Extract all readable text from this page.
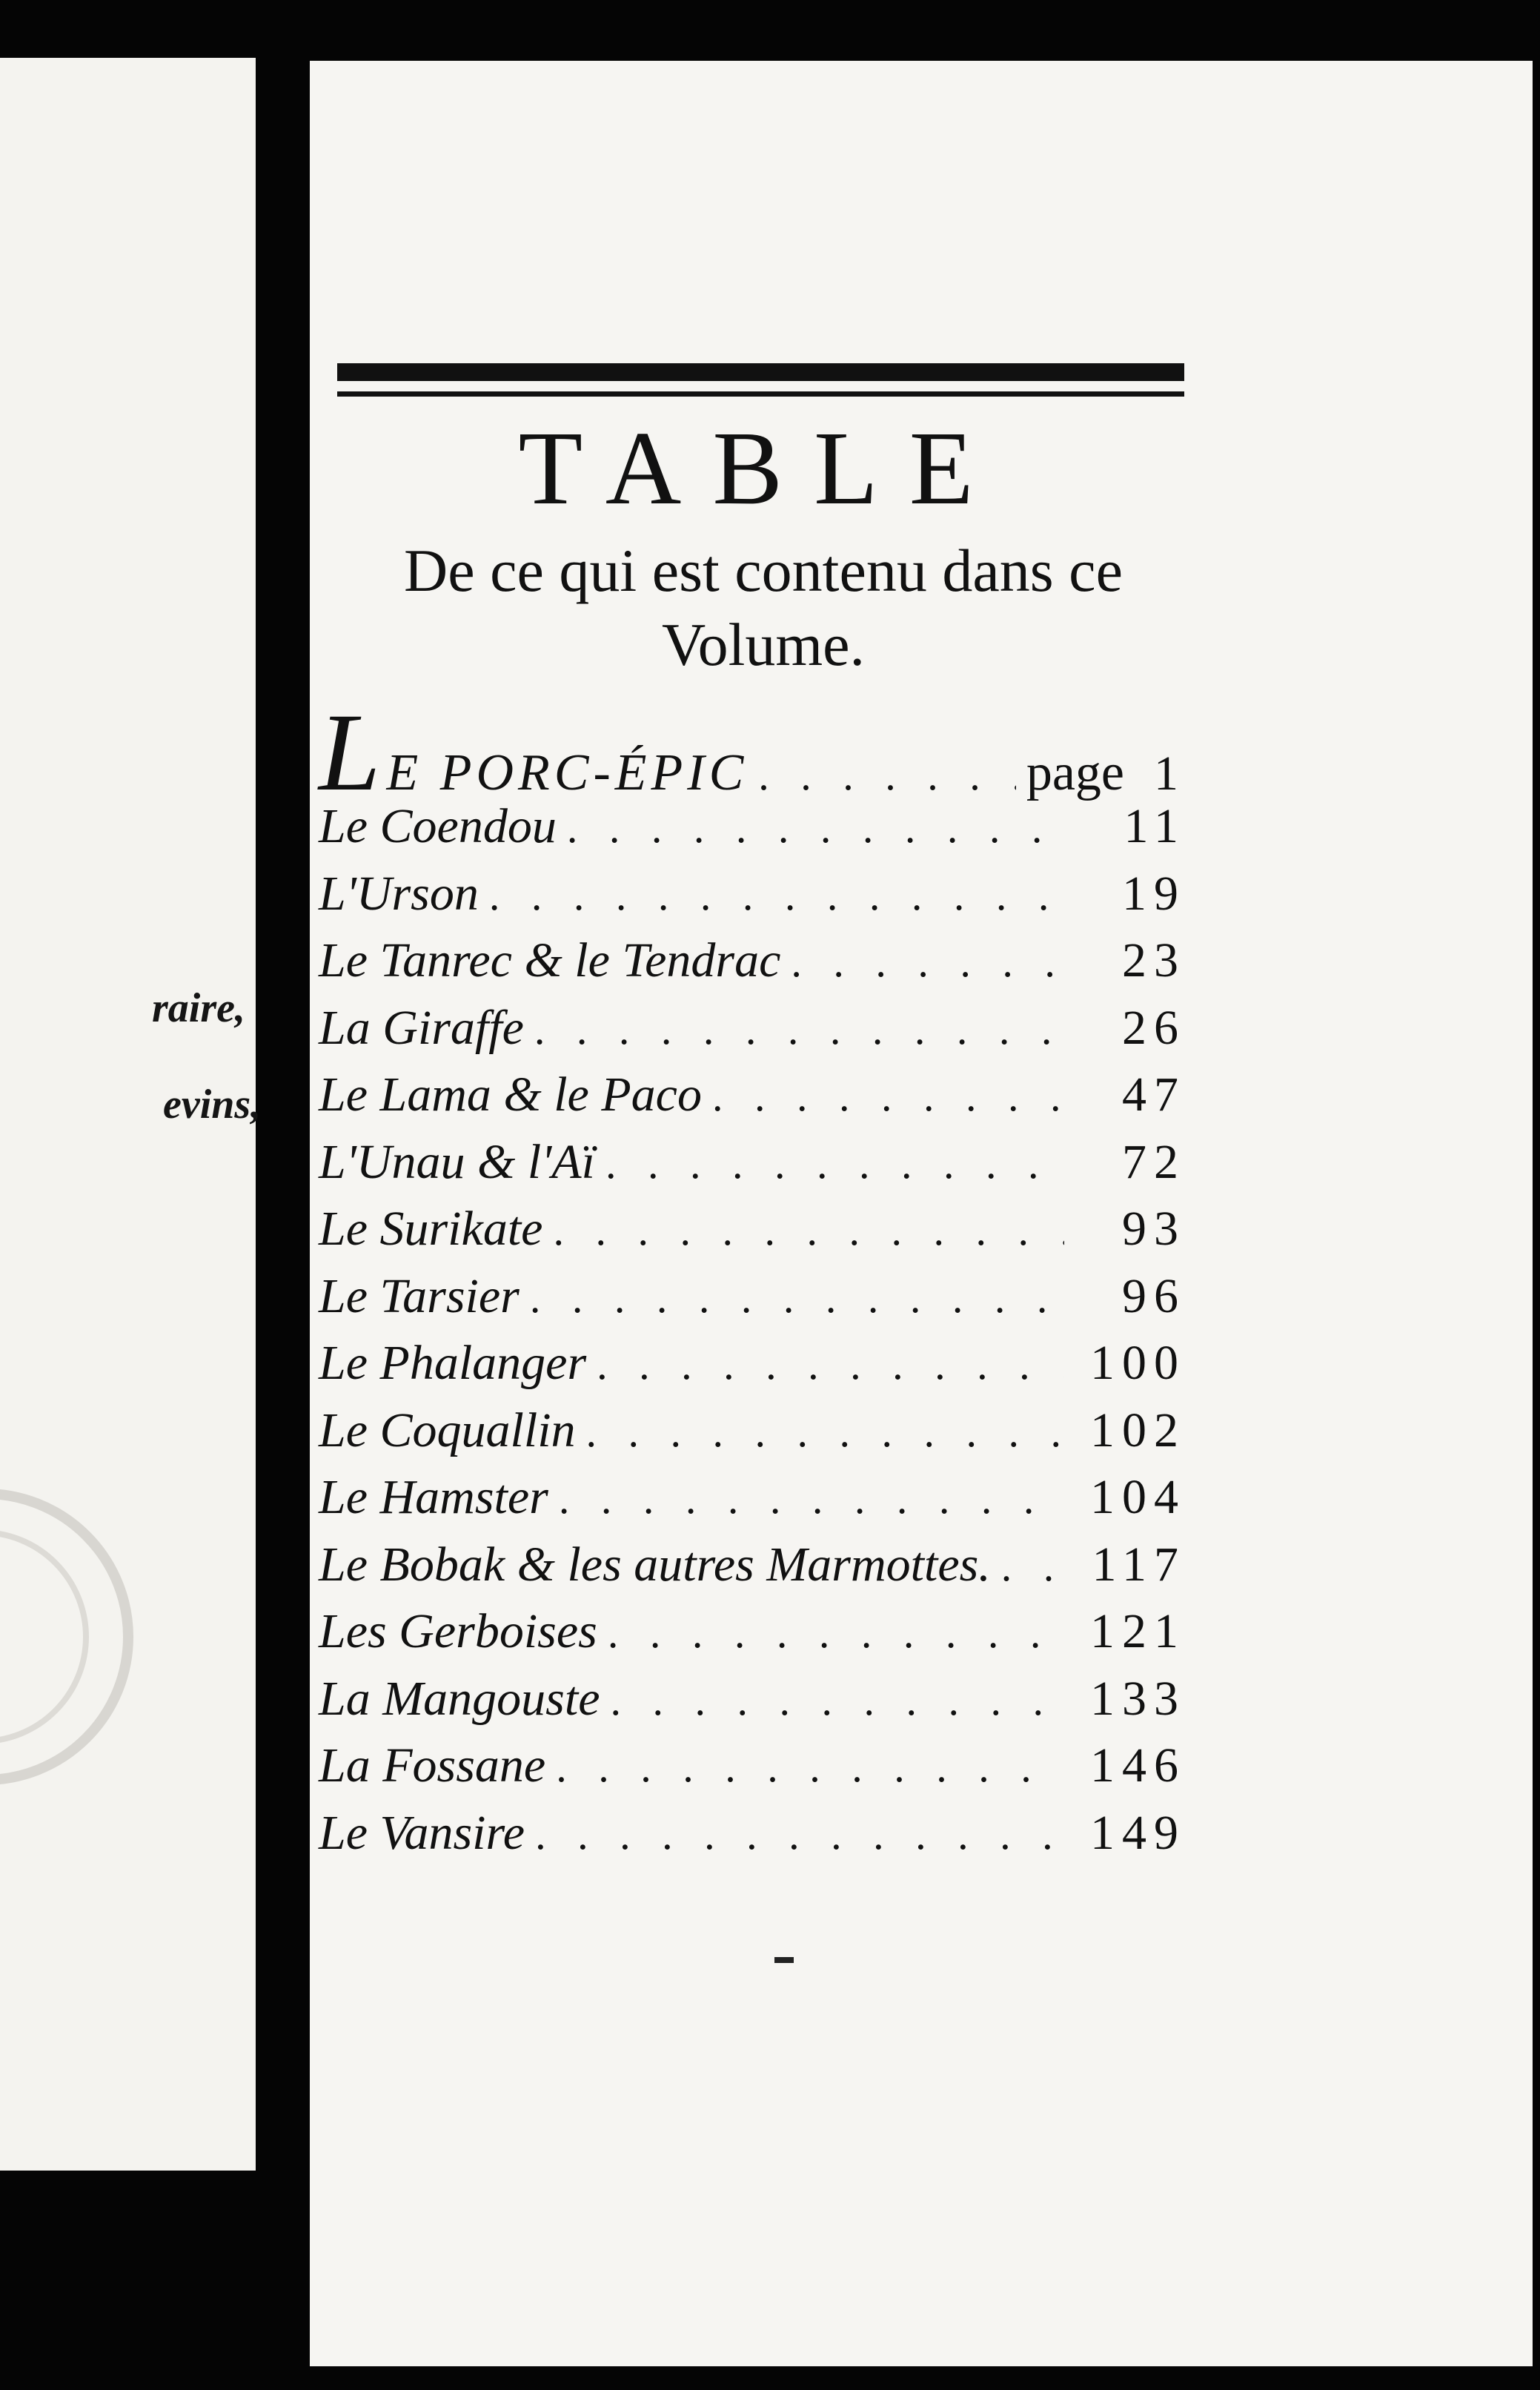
raire,
evins,
TABLE
De ce qui est contenu dans ce
Volume.
L E PORC-ÉPIC . . .	page 1
Le Coendou . . .	11
L'Urson . . .	19
Le Tanrec & le Tendrac . . .	23
La Giraffe . . .	26
Le Lama & le Paco . . .	47
L'Unau & l'Aï . . .	72
Le Surikate . . .	93
Le Tarsier . . .	96
Le Phalanger . . .	100
Le Coquallin . . .	102
Le Hamster . . .	104
Le Bobak & les autres Marmottes. . . .	117
Les Gerboises . . .	121
La Mangouste . . .	133
La Fossane . . .	146
Le Vansire . . .	149
